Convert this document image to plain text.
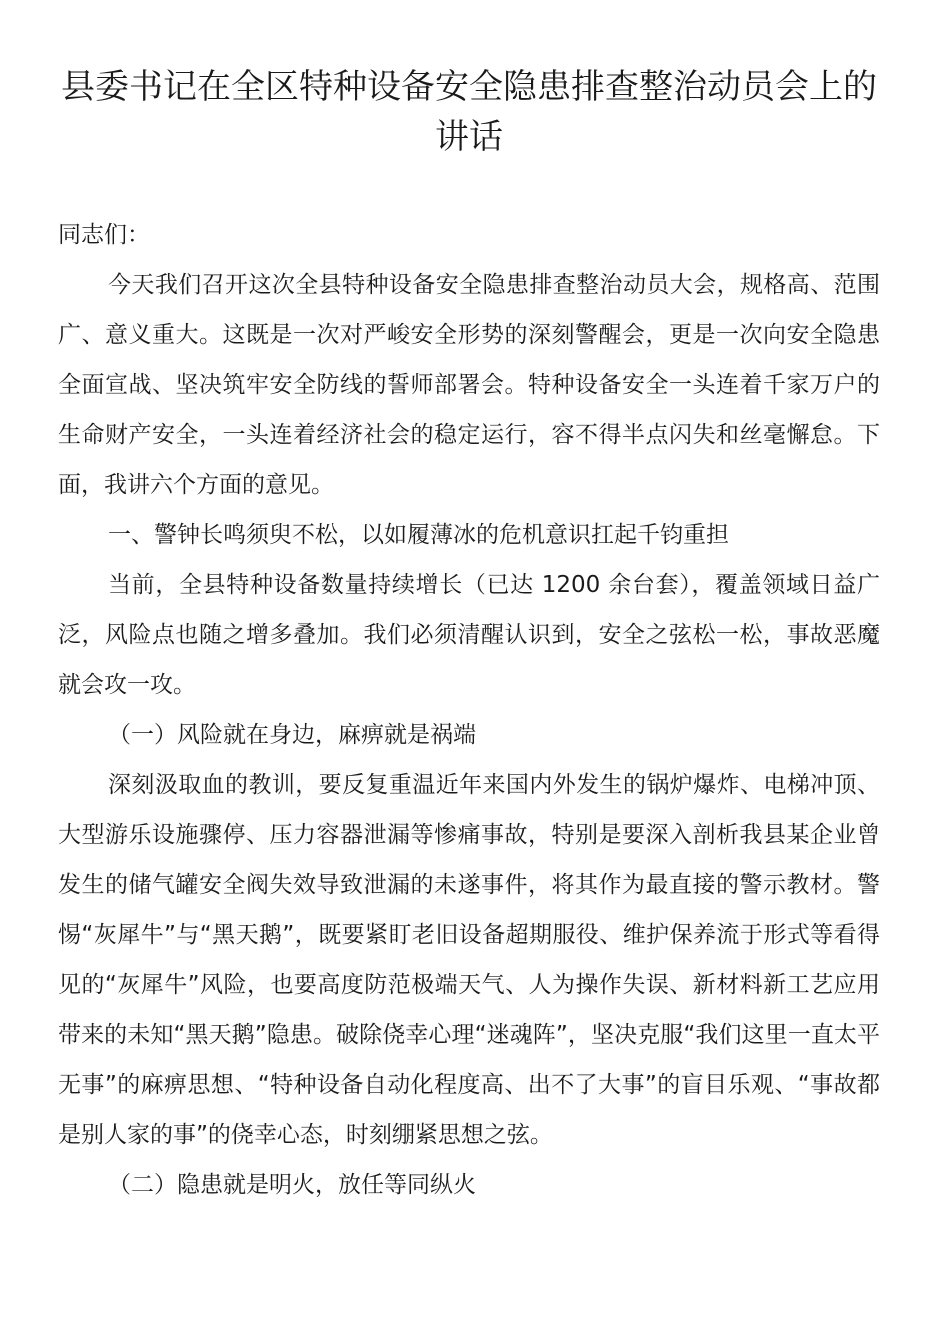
县委书记在全区特种设备安全隐患排查整治动员会上的讲话

同志们：

今天我们召开这次全县特种设备安全隐患排查整治动员大会，规格高、范围广、意义重大。这既是一次对严峻安全形势的深刻警醒会，更是一次向安全隐患全面宣战、坚决筑牢安全防线的誓师部署会。特种设备安全一头连着千家万户的生命财产安全，一头连着经济社会的稳定运行，容不得半点闪失和丝毫懈怠。下面，我讲六个方面的意见。

一、警钟长鸣须臾不松，以如履薄冰的危机意识扛起千钧重担

当前，全县特种设备数量持续增长（已达 1200 余台套），覆盖领域日益广泛，风险点也随之增多叠加。我们必须清醒认识到，安全之弦松一松，事故恶魔就会攻一攻。

（一）风险就在身边，麻痹就是祸端

深刻汲取血的教训，要反复重温近年来国内外发生的锅炉爆炸、电梯冲顶、大型游乐设施骤停、压力容器泄漏等惨痛事故，特别是要深入剖析我县某企业曾发生的储气罐安全阀失效导致泄漏的未遂事件，将其作为最直接的警示教材。警惕“灰犀牛”与“黑天鹅”，既要紧盯老旧设备超期服役、维护保养流于形式等看得见的“灰犀牛”风险，也要高度防范极端天气、人为操作失误、新材料新工艺应用带来的未知“黑天鹅”隐患。破除侥幸心理“迷魂阵”，坚决克服“我们这里一直太平无事”的麻痹思想、“特种设备自动化程度高、出不了大事”的盲目乐观、“事故都是别人家的事”的侥幸心态，时刻绷紧思想之弦。

（二）隐患就是明火，放任等同纵火
